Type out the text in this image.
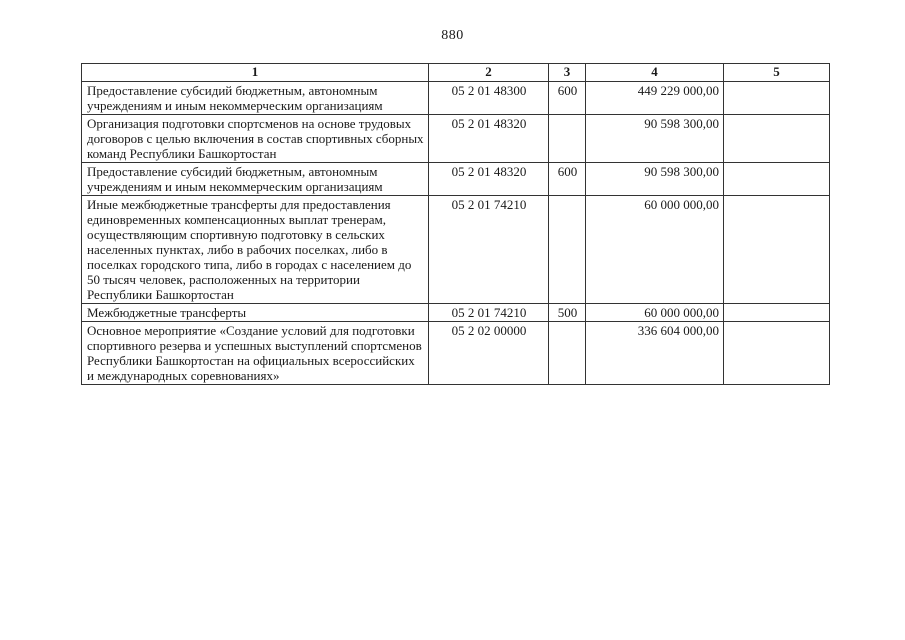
880
1	2	3	4	5
Предоставление субсидий бюджетным, автономным учреждениям и иным некоммерческим организациям	05 2 01 48300	600	449 229 000,00	
Организация подготовки спортсменов на основе трудовых договоров с целью включения в состав спортивных сборных команд Республики Башкортостан	05 2 01 48320		90 598 300,00	
Предоставление субсидий бюджетным, автономным учреждениям и иным некоммерческим организациям	05 2 01 48320	600	90 598 300,00	
Иные межбюджетные трансферты для предоставления единовременных компенсационных выплат тренерам, осуществляющим спортивную подготовку в сельских населенных пунктах, либо в рабочих поселках, либо в поселках городского типа, либо в городах с населением до 50 тысяч человек, расположенных на территории Республики Башкортостан	05 2 01 74210		60 000 000,00	
Межбюджетные трансферты	05 2 01 74210	500	60 000 000,00	
Основное мероприятие «Создание условий для подготовки спортивного резерва и успешных выступлений спортсменов Республики Башкортостан на официальных всероссийских и международных соревнованиях»	05 2 02 00000		336 604 000,00	
